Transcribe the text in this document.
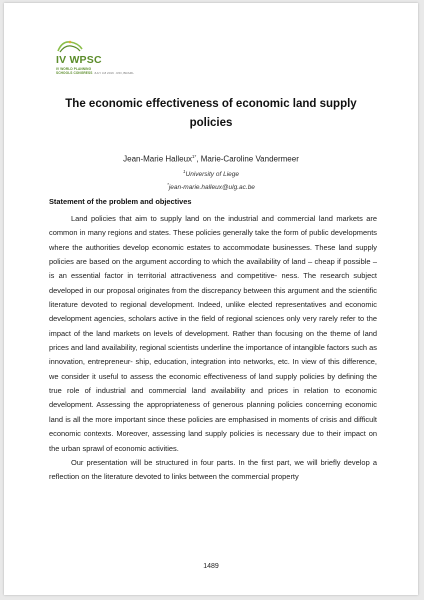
IV WPSC
IV WORLD PLANNING
SCHOOLS CONGRESS JULY 3-8 2016 · RIO, BRAZIL
The economic effectiveness of economic land supply policies
Jean-Marie Halleux$^{1*}$, Marie-Caroline Vandermeer
$^1$University of Liege
*jean-marie.halleux@ulg.ac.be
Statement of the problem and objectives

Land policies that aim to supply land on the industrial and commercial land markets are common in many regions and states. These policies generally take the form of public developments where the authorities develop economic estates to accommodate businesses. These land supply policies are based on the argument according to which the availability of land – cheap if possible – is an essential factor in territorial attractiveness and competitive- ness. The research subject developed in our proposal originates from the discrepancy between this argument and the scientific literature devoted to regional development. Indeed, unlike elected representatives and economic development agencies, scholars active in the field of regional sciences only very rarely refer to the impact of the land markets on levels of development. Rather than focusing on the theme of land prices and land availability, regional scientists underline the importance of intangible factors such as innovation, entrepreneur- ship, education, integration into networks, etc. In view of this difference, we consider it useful to assess the economic effectiveness of land supply policies by defining the true role of industrial and commercial land availability and prices in relation to economic development. Assessing the appropriateness of generous planning policies concerning economic land is all the more important since these policies are emphasised in moments of crisis and difficult economic contexts. Moreover, assessing land supply policies is necessary due to their impact on the urban sprawl of economic activities.

Our presentation will be structured in four parts. In the first part, we will briefly develop a reflection on the literature devoted to links between the commercial property

1489
